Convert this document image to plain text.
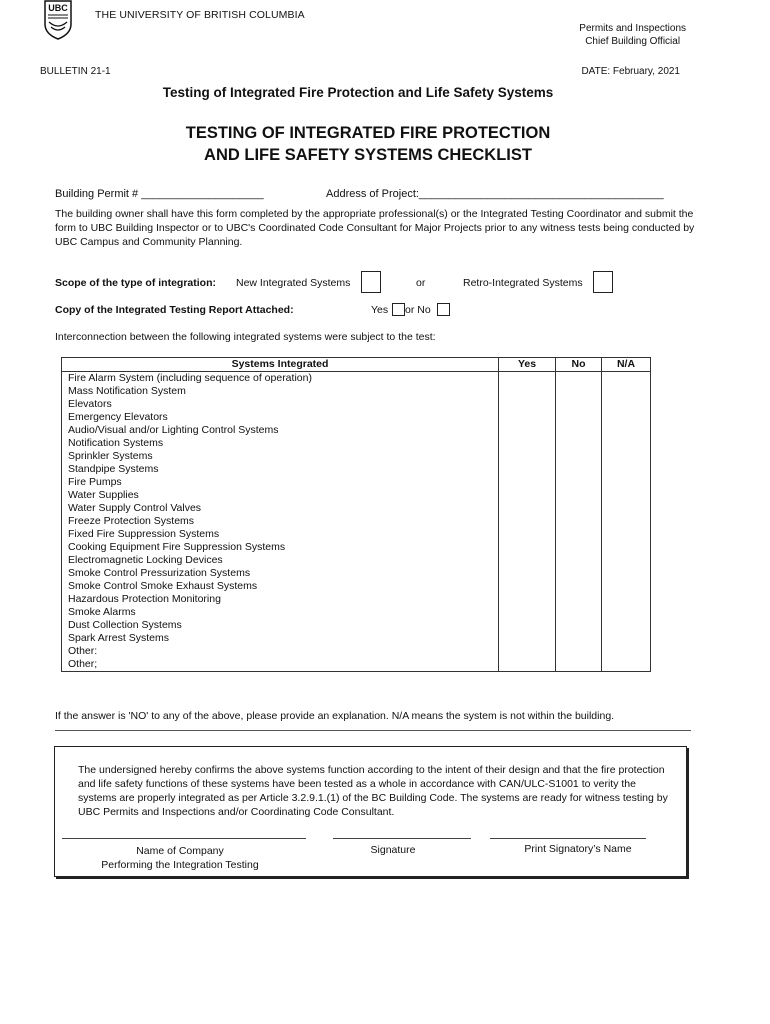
UBC
THE UNIVERSITY OF BRITISH COLUMBIA
Permits and Inspections
Chief Building Official
BULLETIN 21-1	DATE: February, 2021
Testing of Integrated Fire Protection and Life Safety Systems
TESTING OF INTEGRATED FIRE PROTECTION
AND LIFE SAFETY SYSTEMS CHECKLIST
Building Permit # ____________________	Address of Project:________________________________________
The building owner shall have this form completed by the appropriate professional(s) or the Integrated Testing Coordinator and submit the form to UBC Building Inspector or to UBC's Coordinated Code Consultant for Major Projects prior to any witness tests being conducted by UBC Campus and Community Planning.
Scope of the type of integration: New Integrated Systems	or	Retro-Integrated Systems
Copy of the Integrated Testing Report Attached:	Yes or No
Interconnection between the following integrated systems were subject to the test:
Systems Integrated	Yes	No	N/A
Fire Alarm System (including sequence of operation)			
Mass Notification System			
Elevators			
Emergency Elevators			
Audio/Visual and/or Lighting Control Systems			
Notification Systems			
Sprinkler Systems			
Standpipe Systems			
Fire Pumps			
Water Supplies			
Water Supply Control Valves			
Freeze Protection Systems			
Fixed Fire Suppression Systems			
Cooking Equipment Fire Suppression Systems			
Electromagnetic Locking Devices			
Smoke Control Pressurization Systems			
Smoke Control Smoke Exhaust Systems			
Hazardous Protection Monitoring			
Smoke Alarms			
Dust Collection Systems			
Spark Arrest Systems			
Other:			
Other;			
If the answer is 'NO' to any of the above, please provide an explanation. N/A means the system is not within the building.
The undersigned hereby confirms the above systems function according to the intent of their design and that the fire protection and life safety functions of these systems have been tested as a whole in accordance with CAN/ULC-S1001 to verity the systems are properly integrated as per Article 3.2.9.1.(1) of the BC Building Code. The systems are ready for witness testing by UBC Permits and Inspections and/or Coordinating Code Consultant.
Name of Company
Performing the Integration Testing
Signature	Print Signatory’s Name
